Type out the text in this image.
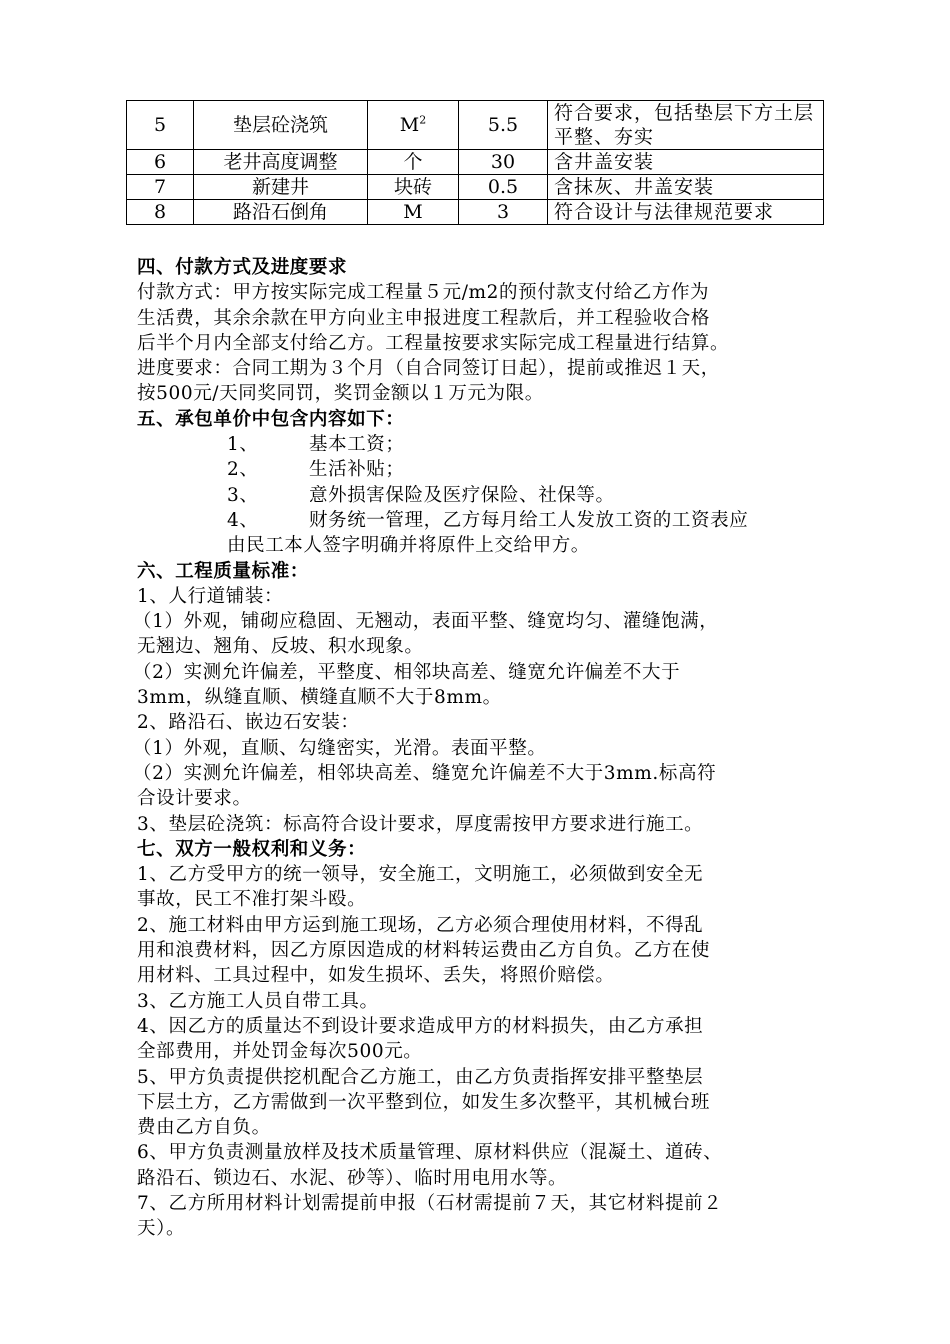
5	垫层砼浇筑	$M^2$	5.5	符合要求，包括垫层下方土层平整、夯实
6	老井高度调整	个	30	含井盖安装
7	新建井	块砖	0.5	含抹灰、井盖安装
8	路沿石倒角	M	3	符合设计与法律规范要求

四、付款方式及进度要求

付款方式：甲方按实际完成工程量５元/m2的预付款支付给乙方作为

生活费，其余余款在甲方向业主申报进度工程款后，并工程验收合格

后半个月内全部支付给乙方。工程量按要求实际完成工程量进行结算。

进度要求：合同工期为３个月（自合同签订日起），提前或推迟１天，

按500元/天同奖同罚，奖罚金额以１万元为限。

五、承包单价中包含内容如下：

1、	基本工资；

2、	生活补贴；

3、	意外损害保险及医疗保险、社保等。

4、	财务统一管理，乙方每月给工人发放工资的工资表应

由民工本人签字明确并将原件上交给甲方。

六、工程质量标准：

1、人行道铺装：

（1）外观，铺砌应稳固、无翘动，表面平整、缝宽均匀、灌缝饱满，

无翘边、翘角、反坡、积水现象。

（2）实测允许偏差，平整度、相邻块高差、缝宽允许偏差不大于

3mm，纵缝直顺、横缝直顺不大于8mm。

2、路沿石、嵌边石安装：

（1）外观，直顺、勾缝密实，光滑。表面平整。

（2）实测允许偏差，相邻块高差、缝宽允许偏差不大于3mm.标高符

合设计要求。

3、垫层砼浇筑：标高符合设计要求，厚度需按甲方要求进行施工。

七、双方一般权利和义务：

1、乙方受甲方的统一领导，安全施工，文明施工，必须做到安全无

事故，民工不准打架斗殴。

2、施工材料由甲方运到施工现场，乙方必须合理使用材料，不得乱

用和浪费材料，因乙方原因造成的材料转运费由乙方自负。乙方在使

用材料、工具过程中，如发生损坏、丢失，将照价赔偿。

3、乙方施工人员自带工具。

4、因乙方的质量达不到设计要求造成甲方的材料损失，由乙方承担

全部费用，并处罚金每次500元。

5、甲方负责提供挖机配合乙方施工，由乙方负责指挥安排平整垫层

下层土方，乙方需做到一次平整到位，如发生多次整平，其机械台班

费由乙方自负。

6、甲方负责测量放样及技术质量管理、原材料供应（混凝土、道砖、

路沿石、锁边石、水泥、砂等）、临时用电用水等。

7、乙方所用材料计划需提前申报（石材需提前７天，其它材料提前２

天）。
